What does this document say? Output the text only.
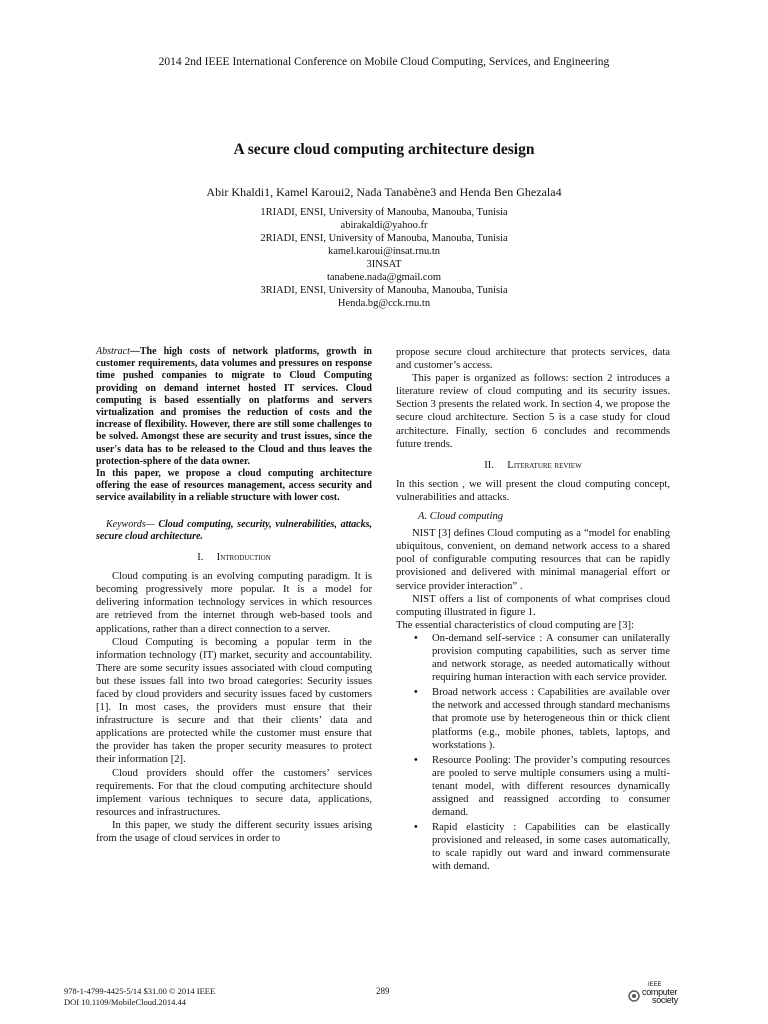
2014 2nd IEEE International Conference on Mobile Cloud Computing, Services, and Engineering
A secure cloud computing architecture design
Abir Khaldi1, Kamel Karoui2, Nada Tanabène3 and Henda Ben Ghezala4
1RIADI, ENSI, University of Manouba, Manouba, Tunisia
abirakaldi@yahoo.fr
2RIADI, ENSI, University of Manouba, Manouba, Tunisia
kamel.karoui@insat.rnu.tn
3INSAT
tanabene.nada@gmail.com
3RIADI, ENSI, University of Manouba, Manouba, Tunisia
Henda.bg@cck.rnu.tn

Abstract—The high costs of network platforms, growth in customer requirements, data volumes and pressures on response time pushed companies to migrate to Cloud Computing providing on demand internet hosted IT services. Cloud computing is based essentially on platforms and servers virtualization and promises the reduction of costs and the increase of flexibility. However, there are still some challenges to be solved. Amongst these are security and trust issues, since the user's data has to be released to the Cloud and thus leaves the protection-sphere of the data owner.

In this paper, we propose a cloud computing architecture offering the ease of resources management, access security and service availability in a reliable structure with lower cost.

Keywords— Cloud computing, security, vulnerabilities, attacks, secure cloud architecture.

I. Introduction

Cloud computing is an evolving computing paradigm. It is becoming progressively more popular. It is a model for delivering information technology services in which resources are retrieved from the internet through web-based tools and applications, rather than a direct connection to a server.

Cloud Computing is becoming a popular term in the information technology (IT) market, security and accountability. There are some security issues associated with cloud computing but these issues fall into two broad categories: Security issues faced by cloud providers and security issues faced by customers [1]. In most cases, the providers must ensure that their infrastructure is secure and that their clients’ data and applications are protected while the customer must ensure that the provider has taken the proper security measures to protect their information [2].

Cloud providers should offer the customers’ services requirements. For that the cloud computing architecture should implement various techniques to secure data, applications, resources and infrastructures.

In this paper, we study the different security issues arising from the usage of cloud services in order to

propose secure cloud architecture that protects services, data and customer’s access.

This paper is organized as follows: section 2 introduces a literature review of cloud computing and its security issues. Section 3 presents the related work. In section 4, we propose the secure cloud architecture. Section 5 is a case study for cloud architecture. Finally, section 6 concludes and recommends future trends.

II. Literature review

In this section , we will present the cloud computing concept, vulnerabilities and attacks.

A. Cloud computing

NIST [3] defines Cloud computing as a “model for enabling ubiquitous, convenient, on demand network access to a shared pool of configurable computing resources that can be rapidly provisioned and delivered with minimal managerial effort or service provider interaction” .

NIST offers a list of components of what comprises cloud computing illustrated in figure 1.

The essential characteristics of cloud computing are [3]:

• On-demand self-service : A consumer can unilaterally provision computing capabilities, such as server time and network storage, as needed automatically without requiring human interaction with each service provider.
• Broad network access : Capabilities are available over the network and accessed through standard mechanisms that promote use by heterogeneous thin or thick client platforms (e.g., mobile phones, tablets, laptops, and workstations ).
• Resource Pooling: The provider’s computing resources are pooled to serve multiple consumers using a multi-tenant model, with different resources dynamically assigned and reassigned according to consumer demand.
• Rapid elasticity : Capabilities can be elastically provisioned and released, in some cases automatically, to scale rapidly out ward and inward commensurate with demand.
978-1-4799-4425-5/14 $31.00 © 2014 IEEE
DOI 10.1109/MobileCloud.2014.44
289
IEEE
computer
society
